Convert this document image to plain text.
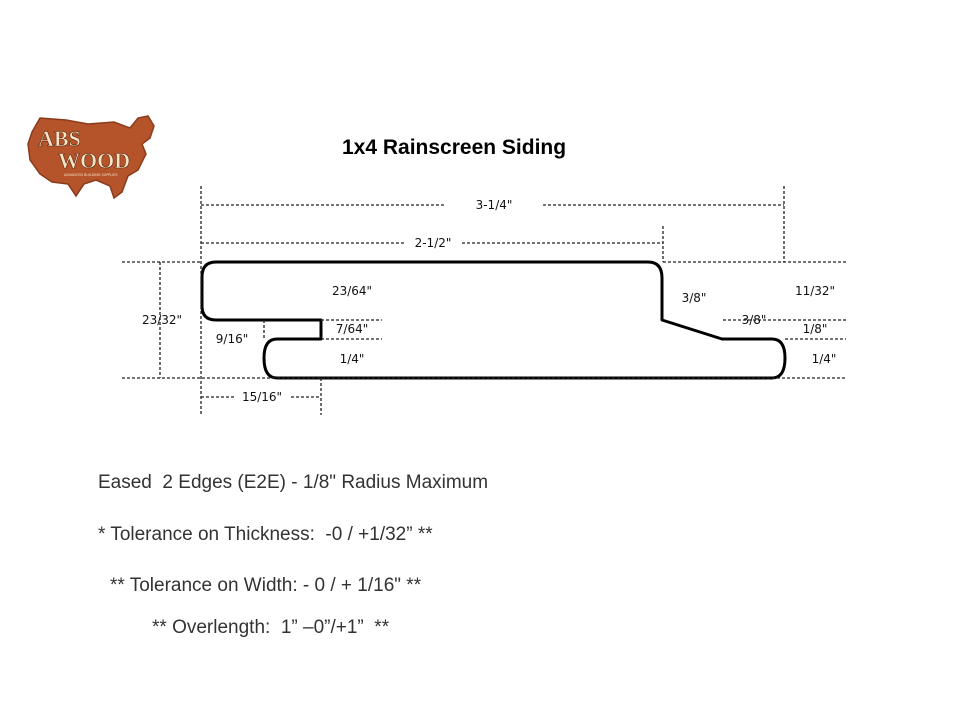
ABS
WOOD
ADVANCED BUILDING SUPPLIES
1x4 Rainscreen Siding
3-1/4"
2-1/2"
23/32"
23/64"
7/64"
1/4"
9/16"
15/16"
3/8"
3/8"
11/32"
1/8"
1/4"
Eased  2 Edges (E2E) - 1/8" Radius Maximum
* Tolerance on Thickness:  -0 / +1/32” **
** Tolerance on Width: - 0 / + 1/16" **
** Overlength:  1” –0”/+1”  **
